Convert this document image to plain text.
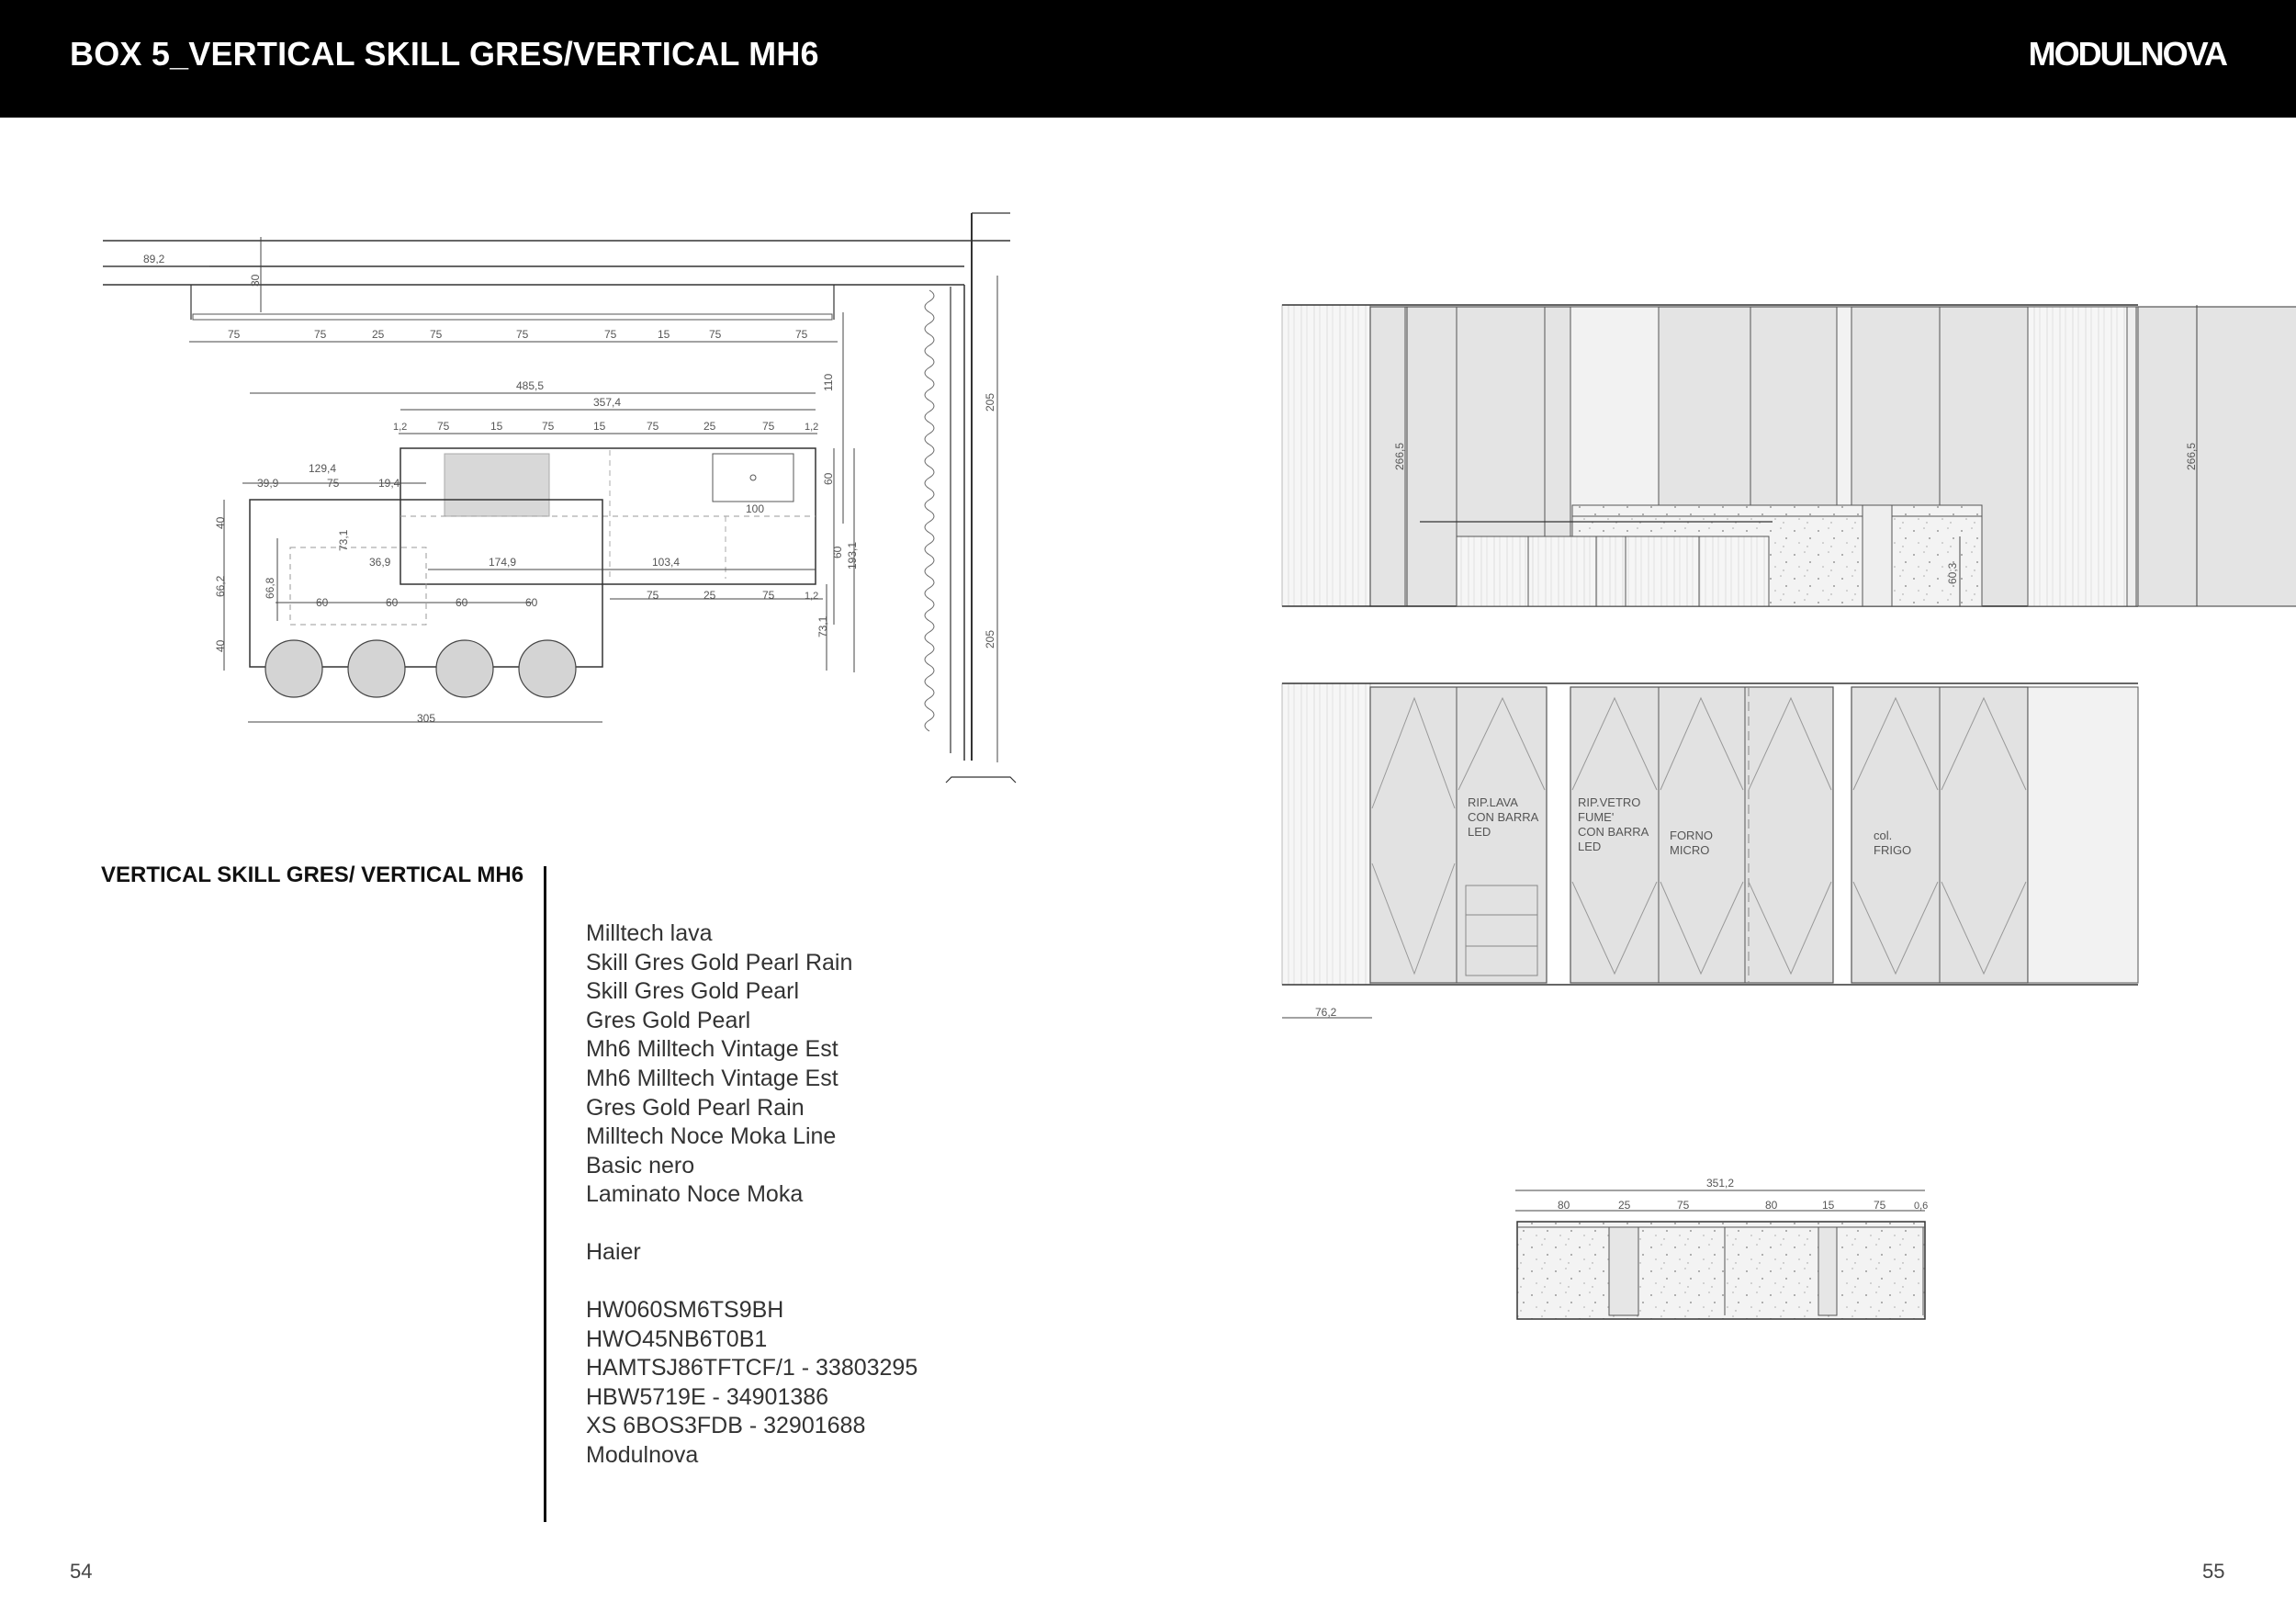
BOX 5_VERTICAL SKILL GRES/VERTICAL MH6	MODULNOVA
89,2
30
75	75	25	75	75	75	15	75	75
110
205
205
485,5
357,4
1,2	75	15	75	15	75	25	75	1,2
129,4
39,9	75	19,4	60
100
40
73,1
36,9	174,9	103,4
60 193,1
66,2	66,8
60	60	60	60
75	25	75	1,2
40
73,1
305
266,5	266,5
60,3
RIP.LAVA
CON BARRA
LED
RIP.VETRO
FUME'
CON BARRA
LED
FORNO
MICRO
col.
FRIGO
76,2
351,2
80	25	75	80	15	75	0,6
VERTICAL SKILL GRES/ VERTICAL MH6
Milltech lava
Skill Gres Gold Pearl Rain
Skill Gres Gold Pearl
Gres Gold Pearl
Mh6 Milltech Vintage Est
Mh6 Milltech Vintage Est
Gres Gold Pearl Rain
Milltech Noce Moka Line
Basic nero
Laminato Noce Moka
Haier
HW060SM6TS9BH
HWO45NB6T0B1
HAMTSJ86TFTCF/1 - 33803295
HBW5719E - 34901386
XS 6BOS3FDB - 32901688
Modulnova
54	55
